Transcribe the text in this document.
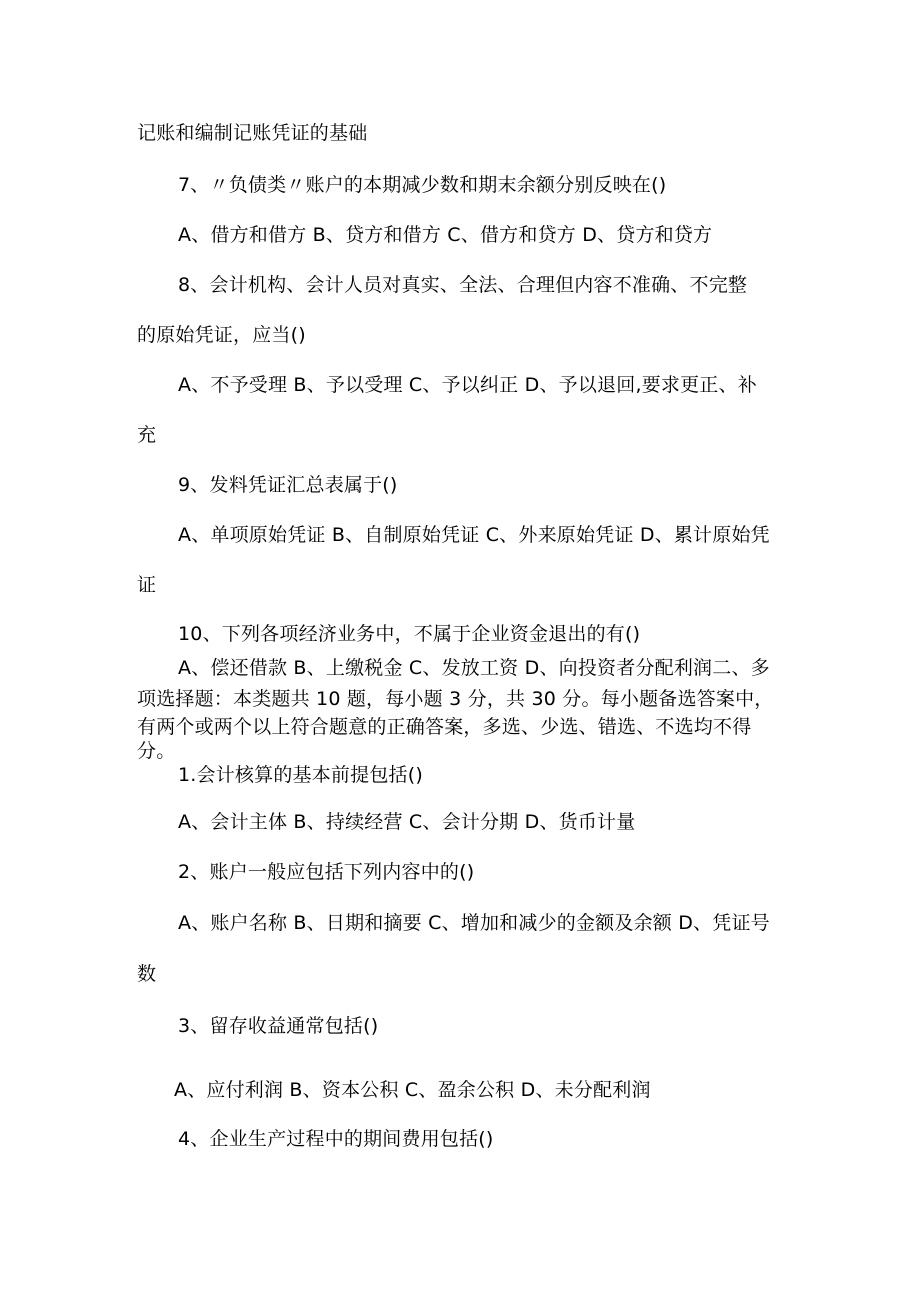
记账和编制记账凭证的基础

7、〃负债类〃账户的本期减少数和期末余额分别反映在()

A、借方和借方 B、贷方和借方 C、借方和贷方 D、贷方和贷方

8、会计机构、会计人员对真实、全法、合理但内容不准确、不完整

的原始凭证，应当()

A、不予受理 B、予以受理 C、予以纠正 D、予以退回,要求更正、补

充

9、发料凭证汇总表属于()

A、单项原始凭证 B、自制原始凭证 C、外来原始凭证 D、累计原始凭

证

10、下列各项经济业务中，不属于企业资金退出的有()

A、偿还借款 B、上缴税金 C、发放工资 D、向投资者分配利润二、多

项选择题：本类题共 10 题，每小题 3 分，共 30 分。每小题备选答案中，

有两个或两个以上符合题意的正确答案，多选、少选、错选、不选均不得

分。

1.会计核算的基本前提包括()

A、会计主体 B、持续经营 C、会计分期 D、货币计量

2、账户一般应包括下列内容中的()

A、账户名称 B、日期和摘要 C、增加和减少的金额及余额 D、凭证号

数

3、留存收益通常包括()

A、应付利润 B、资本公积 C、盈余公积 D、未分配利润

4、企业生产过程中的期间费用包括()
